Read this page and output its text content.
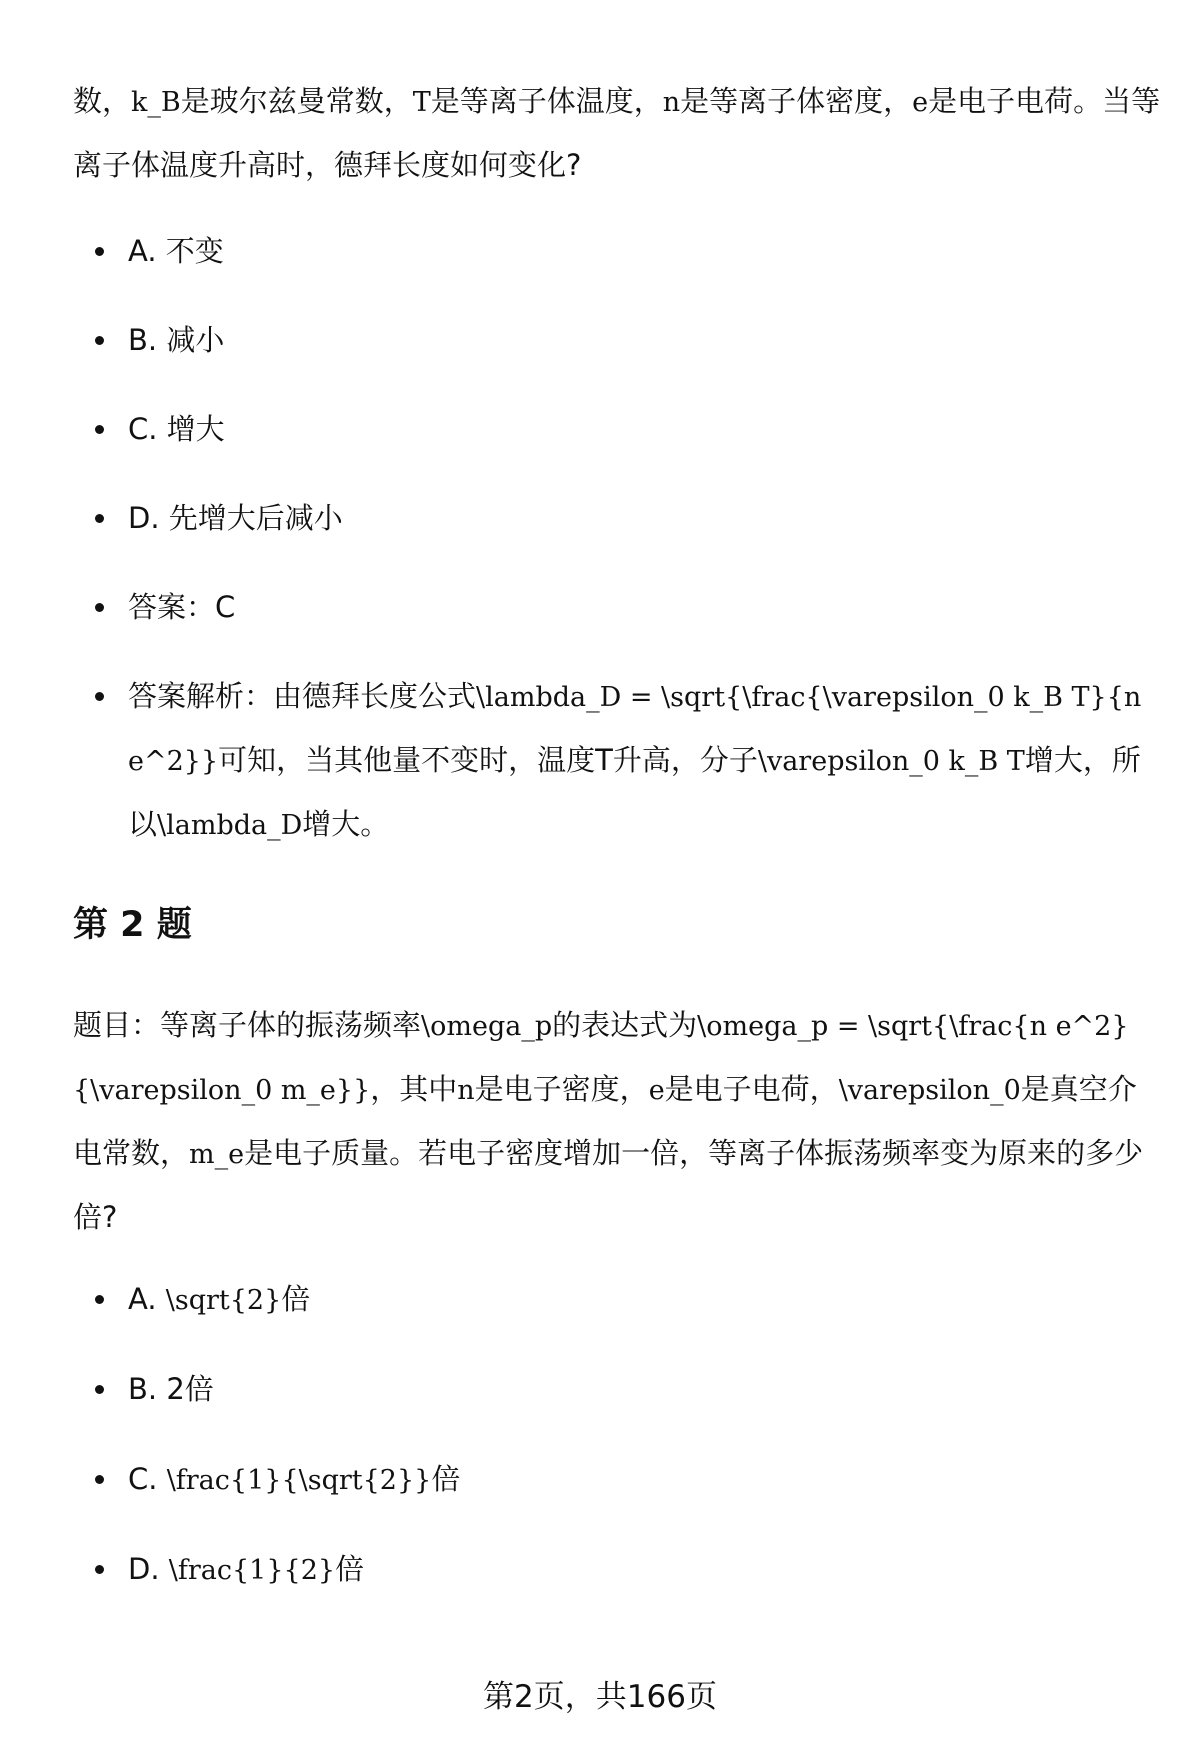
数，k_B是玻尔兹曼常数，T是等离子体温度，n是等离子体密度，e是电子电荷。当等离子体温度升高时，德拜长度如何变化?

A. 不变
B. 减小
C. 增大
D. 先增大后减小
答案：C
答案解析：由德拜长度公式\lambda_D = \sqrt{\frac{\varepsilon_0 k_B T}{n e^2}}可知，当其他量不变时，温度T升高，分子\varepsilon_0 k_B T增大，所以\lambda_D增大。
第 2 题

题目：等离子体的振荡频率\omega_p的表达式为\omega_p = \sqrt{\frac{n e^2}{\varepsilon_0 m_e}}，其中n是电子密度，e是电子电荷，\varepsilon_0是真空介电常数，m_e是电子质量。若电子密度增加一倍，等离子体振荡频率变为原来的多少倍?

A. \sqrt{2}倍
B. 2倍
C. \frac{1}{\sqrt{2}}倍
D. \frac{1}{2}倍
第2页，共166页
